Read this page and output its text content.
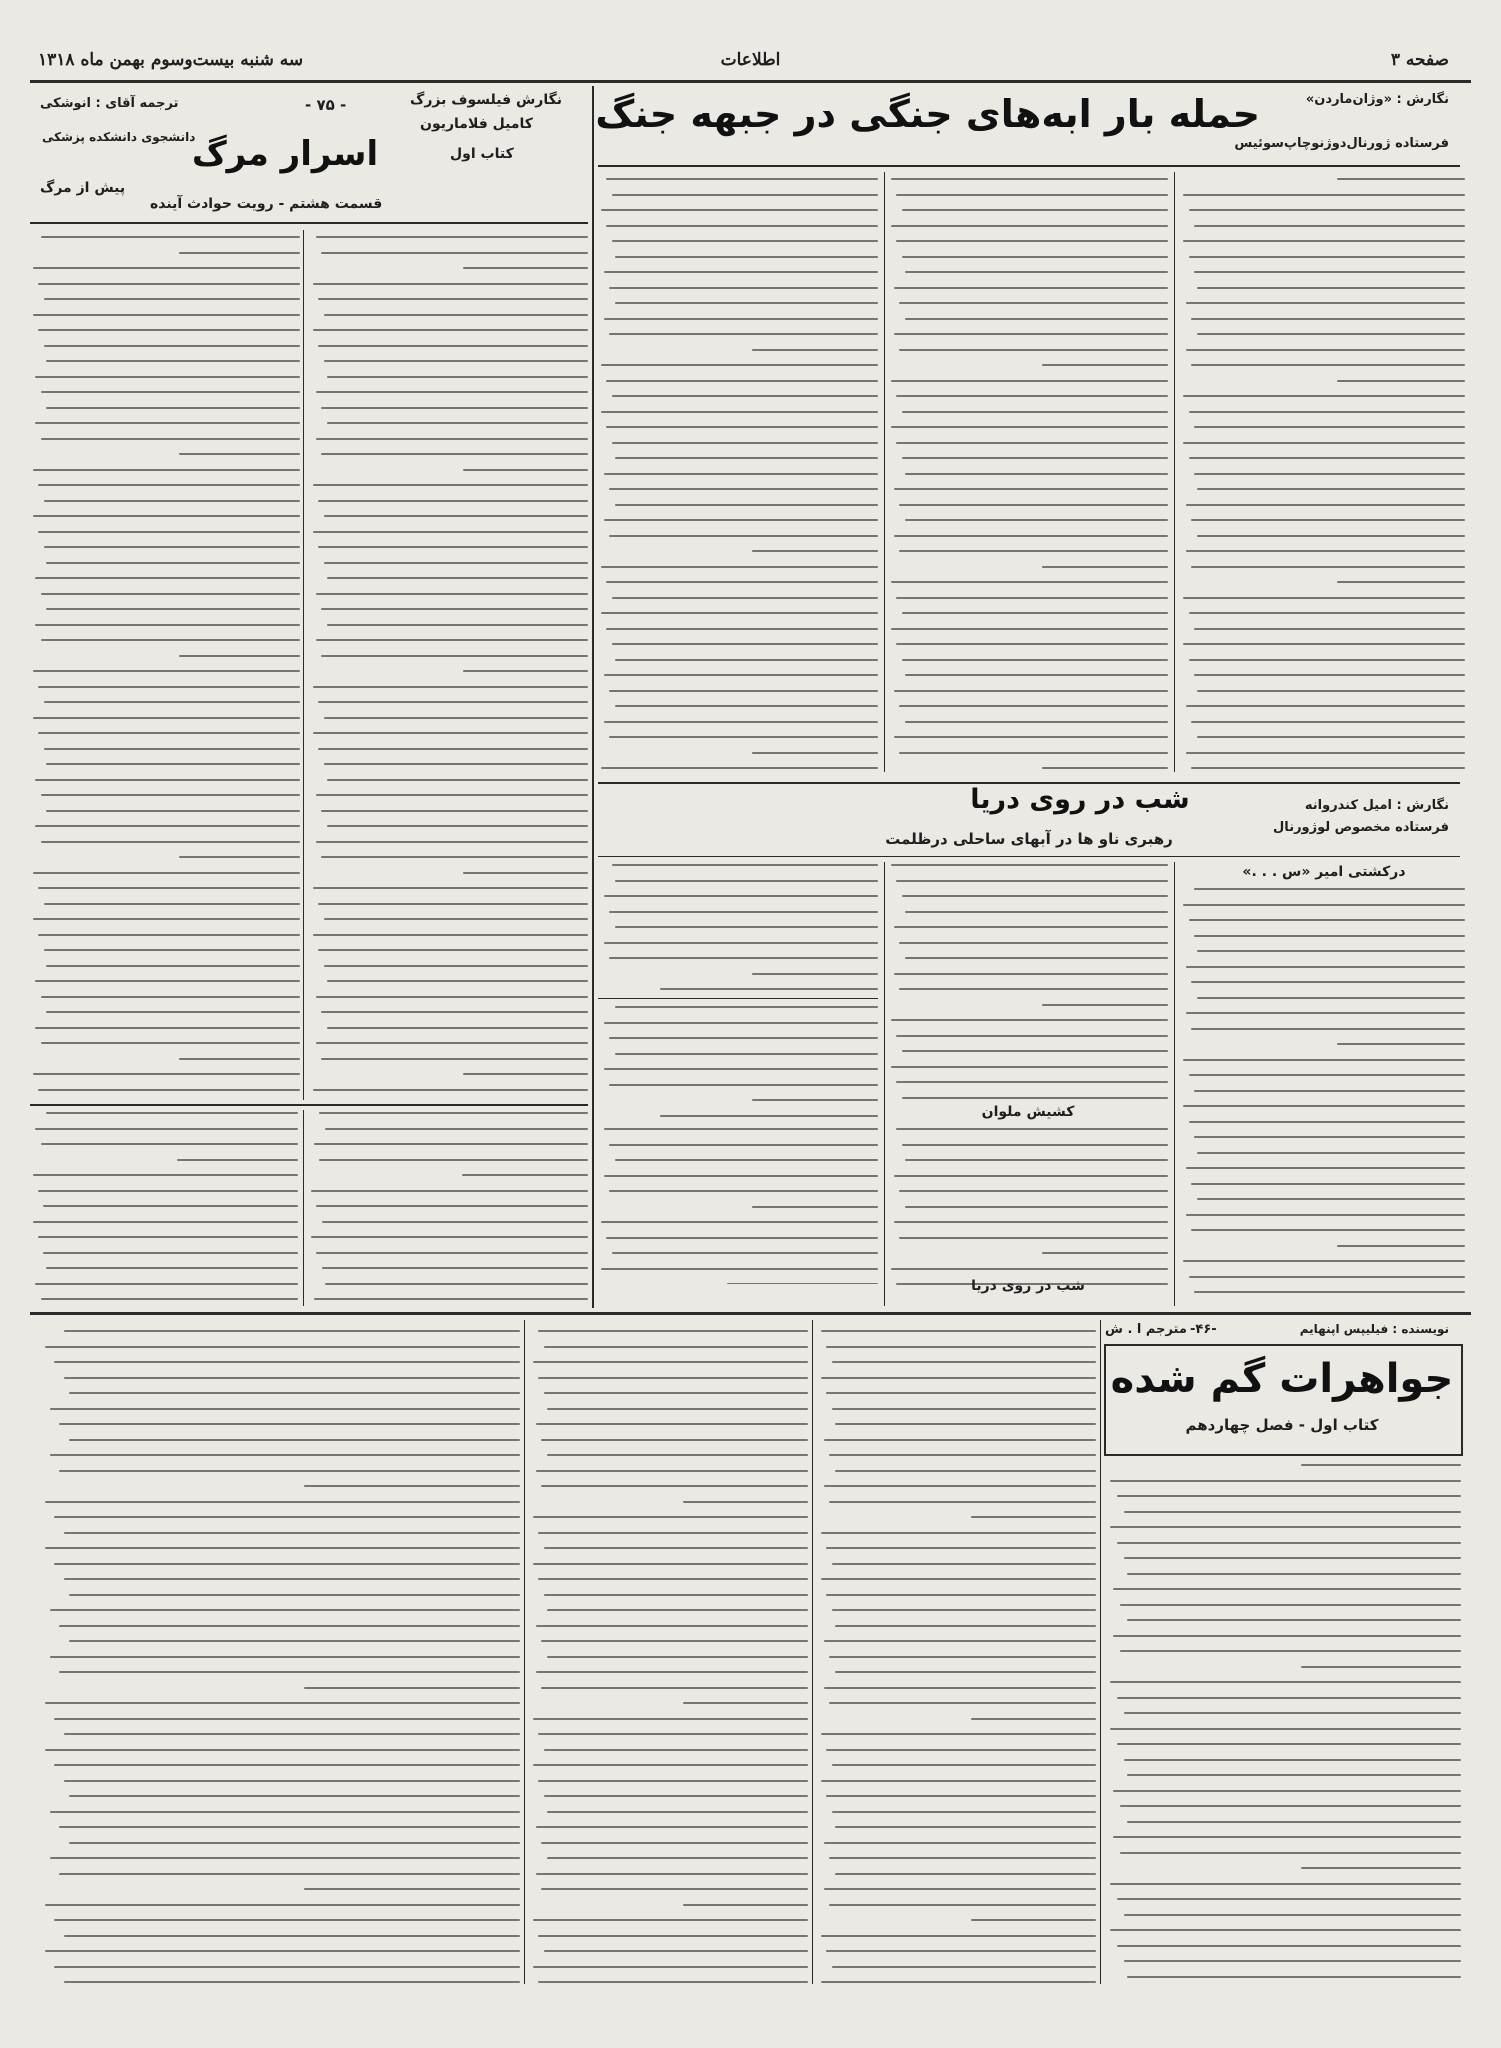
صفحه ۳
اطلاعات
سه شنبه بیست‌وسوم بهمن ماه ۱۳۱۸
نگارش : «وژان‌ماردن»
حمله بار ابه‌های جنگی در جبهه جنگ
فرستاده ژورنال‌دوژنو‌چاپ‌سوئیس
نگارش : امیل کندروانه
فرستاده مخصوص لوژورنال
شب در روی دریا
رهبری ناو ها در آبهای ساحلی درظلمت
درکشتی امیر «س . . .»
کشیش ملوان
شب در روی دریا
نگارش فیلسوف بزرگ
کامیل فلاماریون
- ۷۵ -
ترجمه آقای : انوشکی
دانشجوی دانشکده پزشکی
اسرار مرگ	کتاب اول
پیش از مرگ
قسمت هشتم - رویت حوادث آینده
نویسنده : فیلیپس اپنهایم
-۴۶-
مترجم ا . ش
جواهرات گم شده
کتاب اول - فصل چهاردهم
